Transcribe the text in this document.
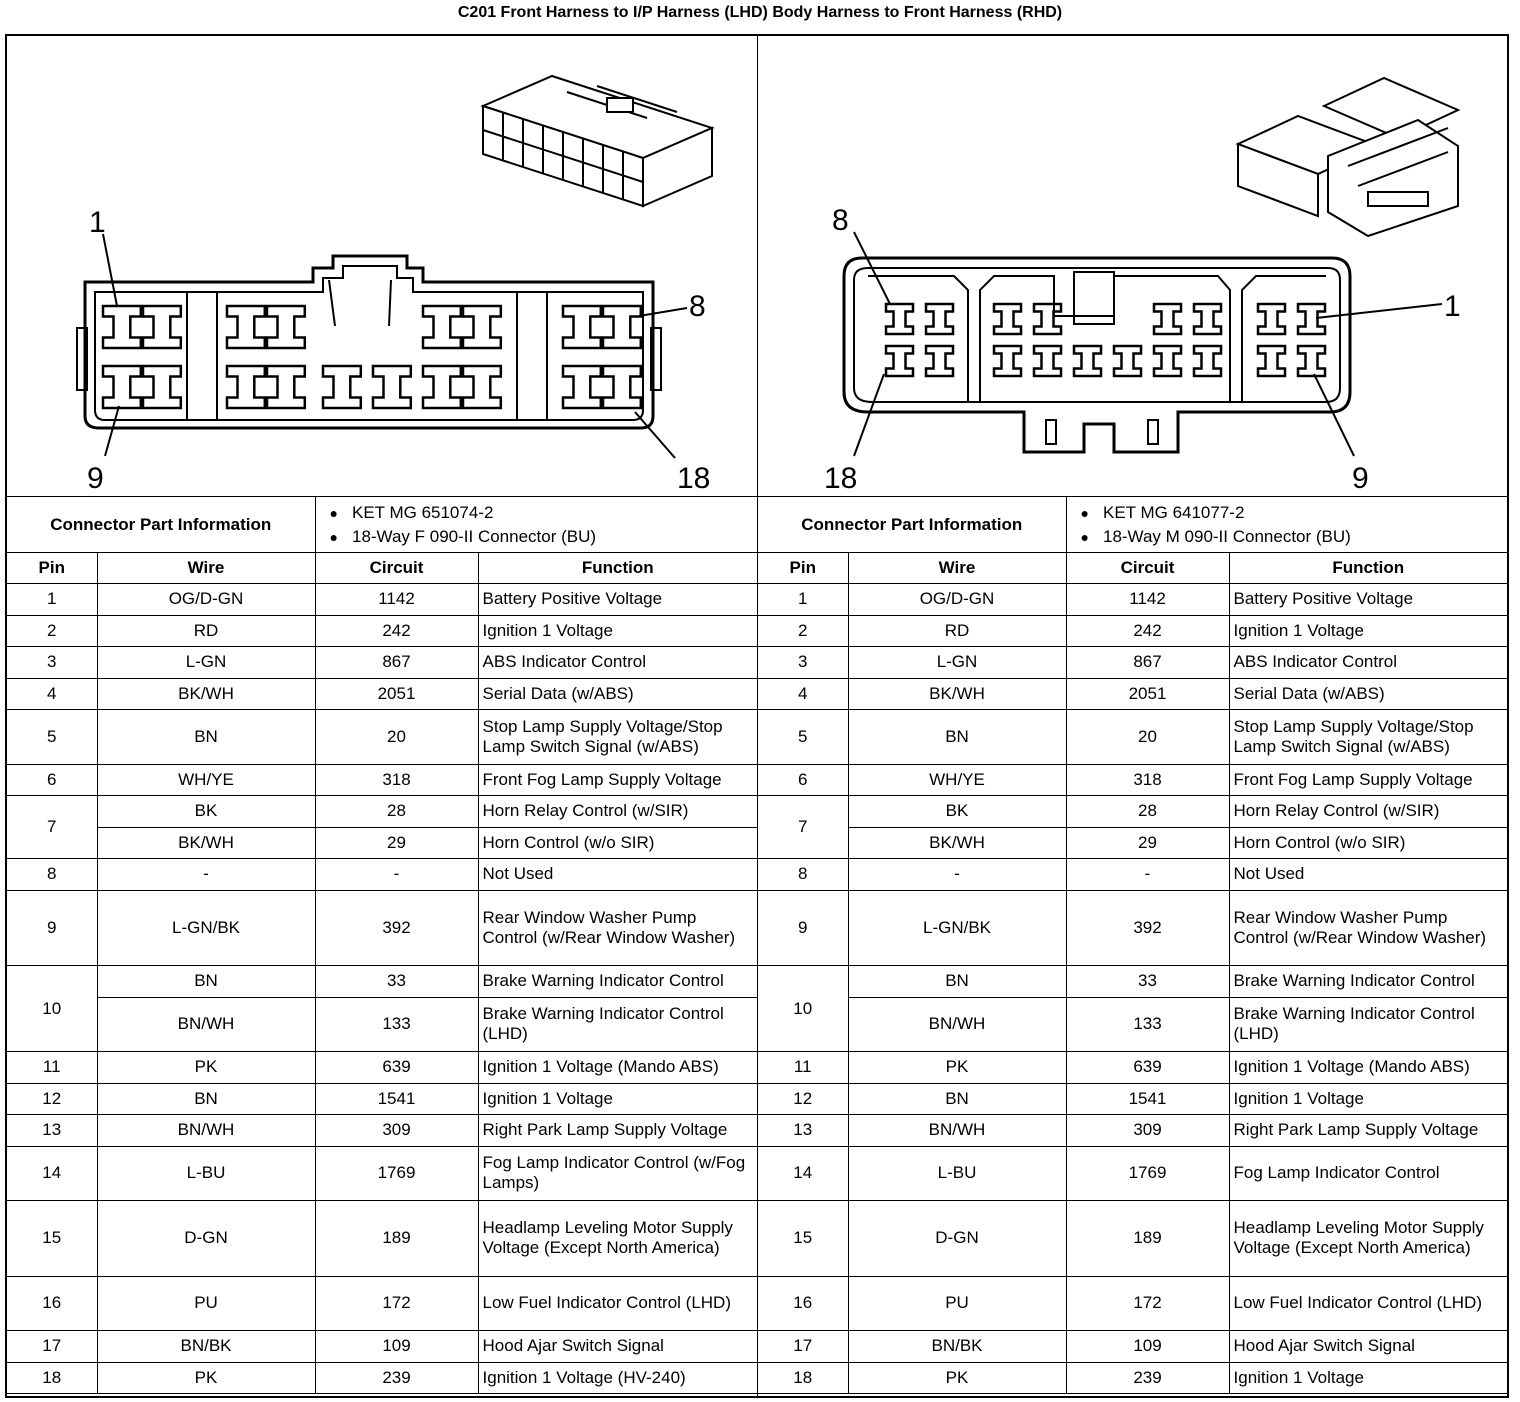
C201 Front Harness to I/P Harness (LHD) Body Harness to Front Harness (RHD)
1
8
9	18
Connector Part Information		● KET MG 651074-2
● 18-Way F 090-II Connector (BU)

Pin	Wire	Circuit	Function
1	OG/D-GN	1142	Battery Positive Voltage
2	RD	242	Ignition 1 Voltage
3	L-GN	867	ABS Indicator Control
4	BK/WH	2051	Serial Data (w/ABS)
5	BN	20	Stop Lamp Supply Voltage/Stop Lamp Switch Signal (w/ABS)
6	WH/YE	318	Front Fog Lamp Supply Voltage
7	BK	28	Horn Relay Control (w/SIR)
	BK/WH	29	Horn Control (w/o SIR)
8	-	-	Not Used
9	L-GN/BK	392	Rear Window Washer Pump Control (w/Rear Window Washer)
10	BN	33	Brake Warning Indicator Control
	BN/WH	133	Brake Warning Indicator Control (LHD)
11	PK	639	Ignition 1 Voltage (Mando ABS)
12	BN	1541	Ignition 1 Voltage
13	BN/WH	309	Right Park Lamp Supply Voltage
14	L-BU	1769	Fog Lamp Indicator Control (w/Fog Lamps)
15	D-GN	189	Headlamp Leveling Motor Supply Voltage (Except North America)
16	PU	172	Low Fuel Indicator Control (LHD)
17	BN/BK	109	Hood Ajar Switch Signal
18	PK	239	Ignition 1 Voltage (HV-240)
8
1
18	9
Connector Part Information		● KET MG 641077-2
● 18-Way M 090-II Connector (BU)

Pin	Wire	Circuit	Function
1	OG/D-GN	1142	Battery Positive Voltage
2	RD	242	Ignition 1 Voltage
3	L-GN	867	ABS Indicator Control
4	BK/WH	2051	Serial Data (w/ABS)
5	BN	20	Stop Lamp Supply Voltage/Stop Lamp Switch Signal (w/ABS)
6	WH/YE	318	Front Fog Lamp Supply Voltage
7	BK	28	Horn Relay Control (w/SIR)
	BK/WH	29	Horn Control (w/o SIR)
8	-	-	Not Used
9	L-GN/BK	392	Rear Window Washer Pump Control (w/Rear Window Washer)
10	BN	33	Brake Warning Indicator Control
	BN/WH	133	Brake Warning Indicator Control (LHD)
11	PK	639	Ignition 1 Voltage (Mando ABS)
12	BN	1541	Ignition 1 Voltage
13	BN/WH	309	Right Park Lamp Supply Voltage
14	L-BU	1769	Fog Lamp Indicator Control
15	D-GN	189	Headlamp Leveling Motor Supply Voltage (Except North America)
16	PU	172	Low Fuel Indicator Control (LHD)
17	BN/BK	109	Hood Ajar Switch Signal
18	PK	239	Ignition 1 Voltage
